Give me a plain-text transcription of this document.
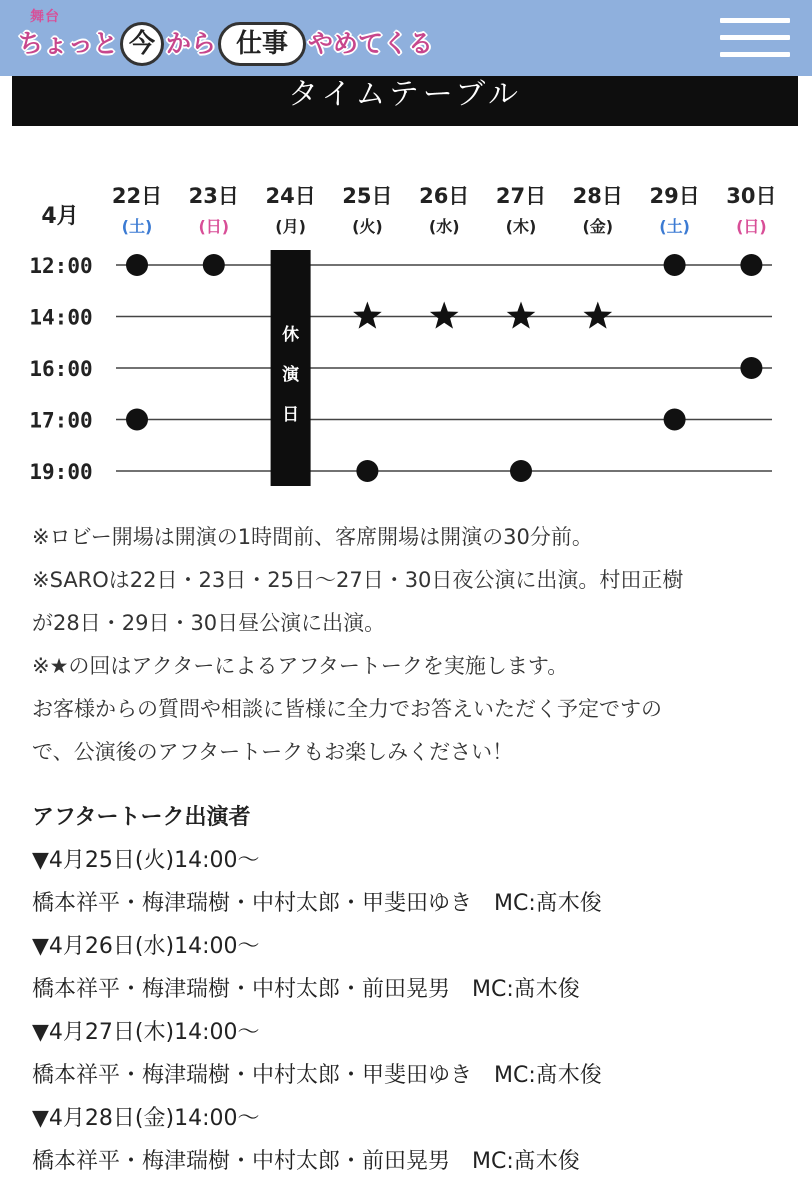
舞台
ちょっと 今 から 仕事 やめてくる
タイムテーブル
4月
22日
(土)
23日
(日)
24日
(月)
25日
(火)
26日
(水)
27日
(木)
28日
(金)
29日
(土)
30日
(日)
12:00
14:00
16:00
17:00
19:00
休
演
日

※ロビー開場は開演の1時間前、客席開場は開演の30分前。

※SAROは22日・23日・25日〜27日・30日夜公演に出演。村田正樹

が28日・29日・30日昼公演に出演。

※★の回はアクターによるアフタートークを実施します。

お客様からの質問や相談に皆様に全力でお答えいただく予定ですの

で、公演後のアフタートークもお楽しみください！

アフタートーク出演者
▼4月25日(火)14:00〜
橋本祥平・梅津瑞樹・中村太郎・甲斐田ゆき　MC:髙木俊
▼4月26日(水)14:00〜
橋本祥平・梅津瑞樹・中村太郎・前田晃男　MC:髙木俊
▼4月27日(木)14:00〜
橋本祥平・梅津瑞樹・中村太郎・甲斐田ゆき　MC:髙木俊
▼4月28日(金)14:00〜
橋本祥平・梅津瑞樹・中村太郎・前田晃男　MC:髙木俊
